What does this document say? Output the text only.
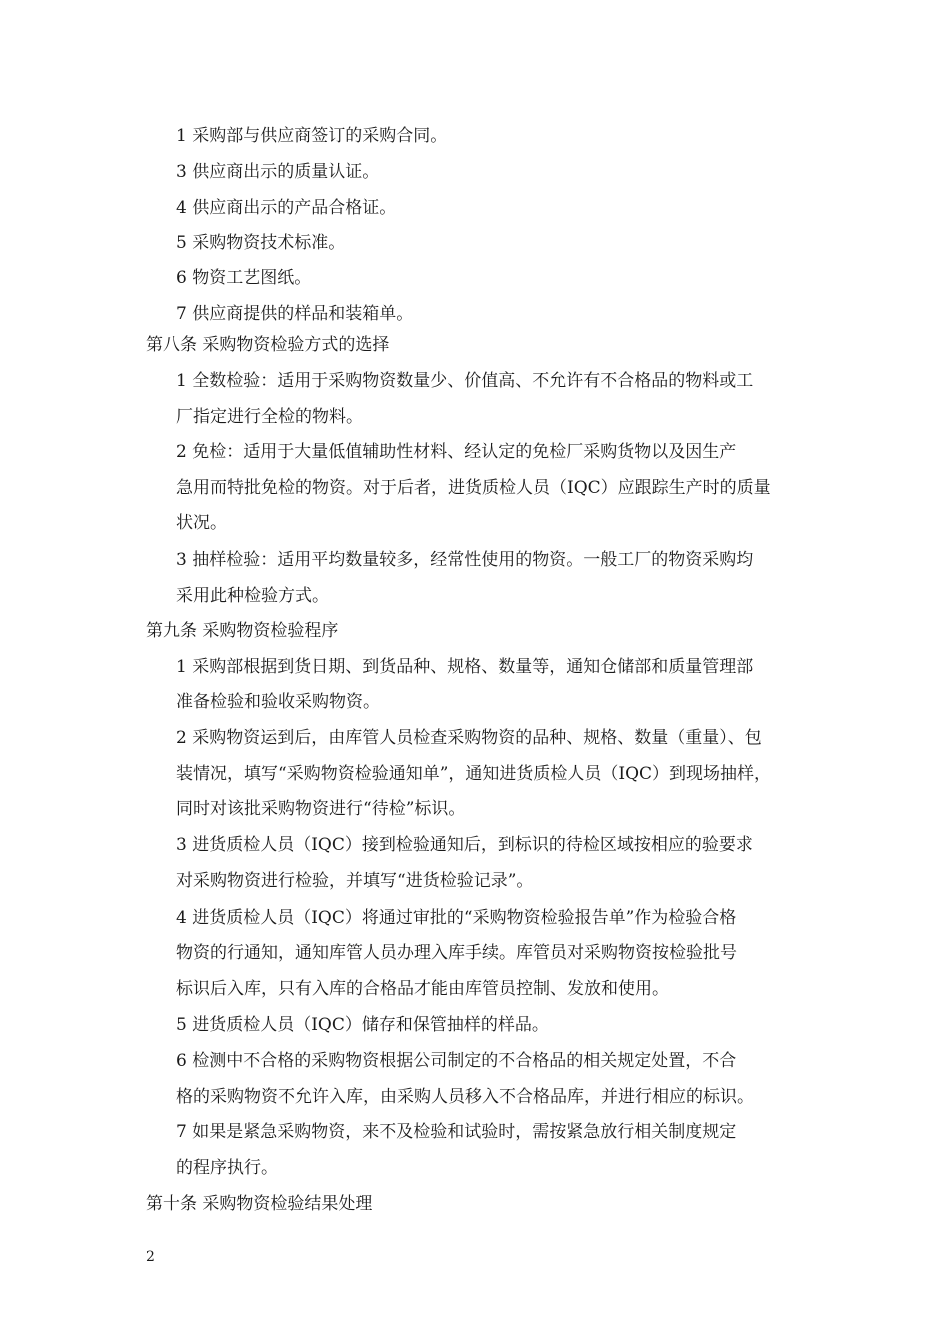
1 采购部与供应商签订的采购合同。
3 供应商出示的质量认证。
4 供应商出示的产品合格证。
5 采购物资技术标准。
6 物资工艺图纸。
7 供应商提供的样品和装箱单。
第八条 采购物资检验方式的选择
1 全数检验：适用于采购物资数量少、价值高、不允许有不合格品的物料或工
厂指定进行全检的物料。
2 免检：适用于大量低值辅助性材料、经认定的免检厂采购货物以及因生产
急用而特批免检的物资。对于后者，进货质检人员（IQC）应跟踪生产时的质量
状况。
3 抽样检验：适用平均数量较多，经常性使用的物资。一般工厂的物资采购均
采用此种检验方式。
第九条 采购物资检验程序
1 采购部根据到货日期、到货品种、规格、数量等，通知仓储部和质量管理部
准备检验和验收采购物资。
2 采购物资运到后，由库管人员检查采购物资的品种、规格、数量（重量）、包
装情况，填写“采购物资检验通知单”，通知进货质检人员（IQC）到现场抽样，
同时对该批采购物资进行“待检”标识。
3 进货质检人员（IQC）接到检验通知后，到标识的待检区域按相应的验要求
对采购物资进行检验，并填写“进货检验记录”。
4 进货质检人员（IQC）将通过审批的“采购物资检验报告单”作为检验合格
物资的行通知，通知库管人员办理入库手续。库管员对采购物资按检验批号
标识后入库，只有入库的合格品才能由库管员控制、发放和使用。
5 进货质检人员（IQC）储存和保管抽样的样品。
6 检测中不合格的采购物资根据公司制定的不合格品的相关规定处置，不合
格的采购物资不允许入库，由采购人员移入不合格品库，并进行相应的标识。
7 如果是紧急采购物资，来不及检验和试验时，需按紧急放行相关制度规定
的程序执行。
第十条 采购物资检验结果处理
2
